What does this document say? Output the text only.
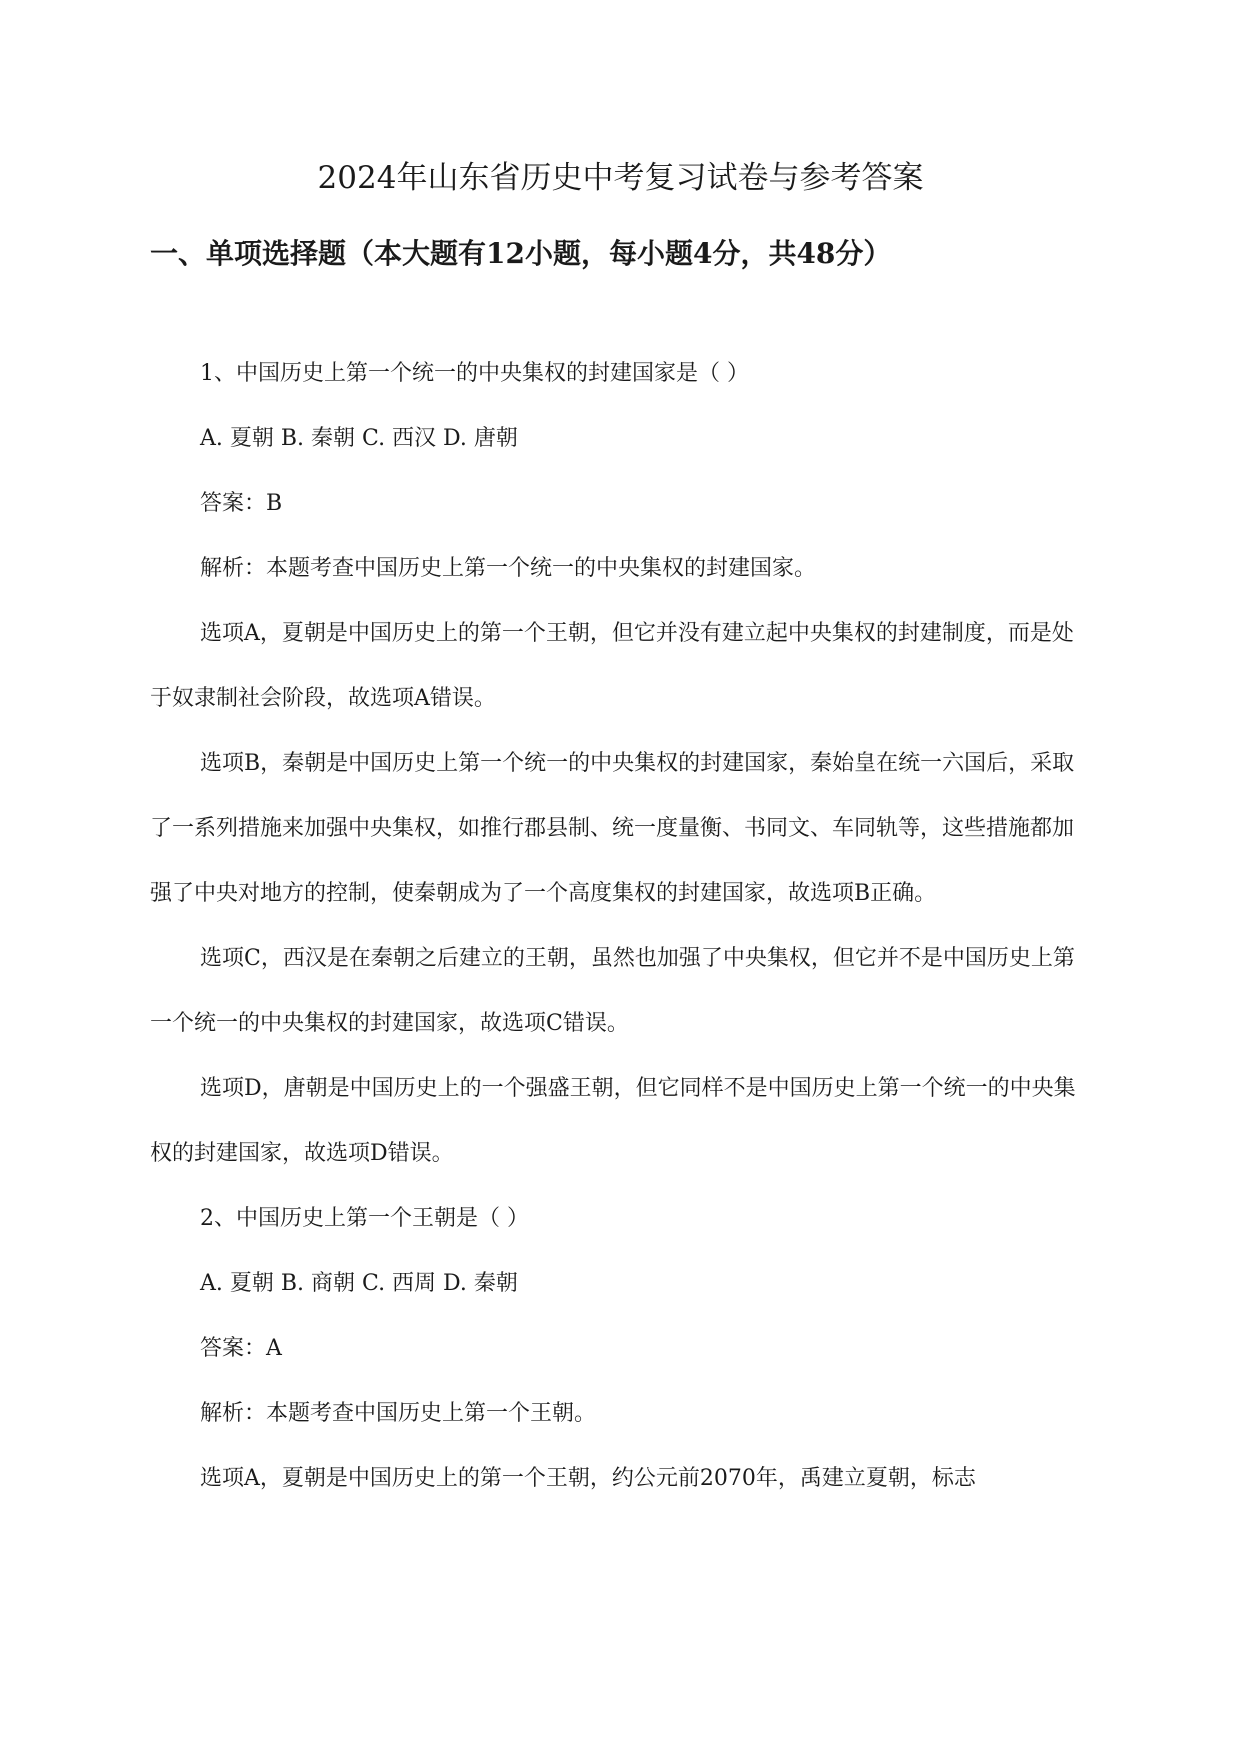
2024年山东省历史中考复习试卷与参考答案
一、单项选择题（本大题有12小题，每小题4分，共48分）

1、中国历史上第一个统一的中央集权的封建国家是（ ）

A. 夏朝 B. 秦朝 C. 西汉 D. 唐朝

答案：B

解析：本题考查中国历史上第一个统一的中央集权的封建国家。

选项A，夏朝是中国历史上的第一个王朝，但它并没有建立起中央集权的封建制度，而是处于奴隶制社会阶段，故选项A错误。

选项B，秦朝是中国历史上第一个统一的中央集权的封建国家，秦始皇在统一六国后，采取了一系列措施来加强中央集权，如推行郡县制、统一度量衡、书同文、车同轨等，这些措施都加强了中央对地方的控制，使秦朝成为了一个高度集权的封建国家，故选项B正确。

选项C，西汉是在秦朝之后建立的王朝，虽然也加强了中央集权，但它并不是中国历史上第一个统一的中央集权的封建国家，故选项C错误。

选项D，唐朝是中国历史上的一个强盛王朝，但它同样不是中国历史上第一个统一的中央集权的封建国家，故选项D错误。

2、中国历史上第一个王朝是（ ）

A. 夏朝 B. 商朝 C. 西周 D. 秦朝

答案：A

解析：本题考查中国历史上第一个王朝。

选项A，夏朝是中国历史上的第一个王朝，约公元前2070年，禹建立夏朝，标志
